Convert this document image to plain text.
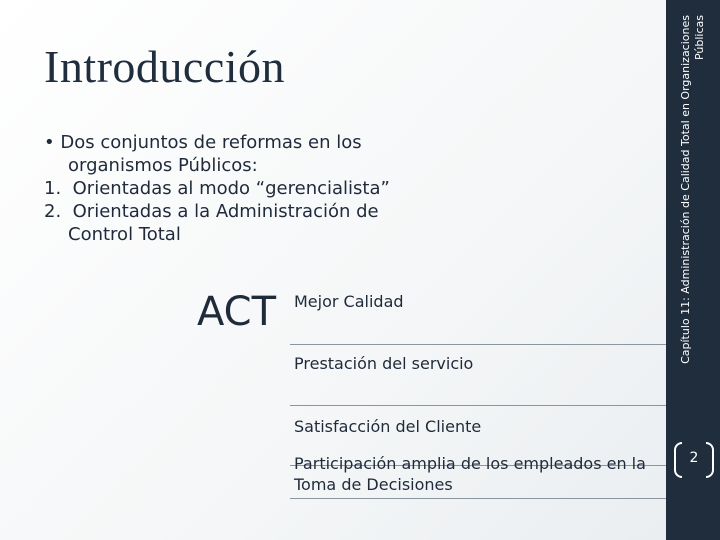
Introducción
• Dos conjuntos de reformas en los
organismos Públicos:
1. Orientadas al modo “gerencialista”
2. Orientadas a la Administración de
Control Total
ACT Mejor Calidad
Prestación del servicio
Satisfacción del Cliente
Participación amplia de los empleados en la Toma de Decisiones
Capítulo 11: Administración de Calidad Total en Organizaciones Públicas
2
